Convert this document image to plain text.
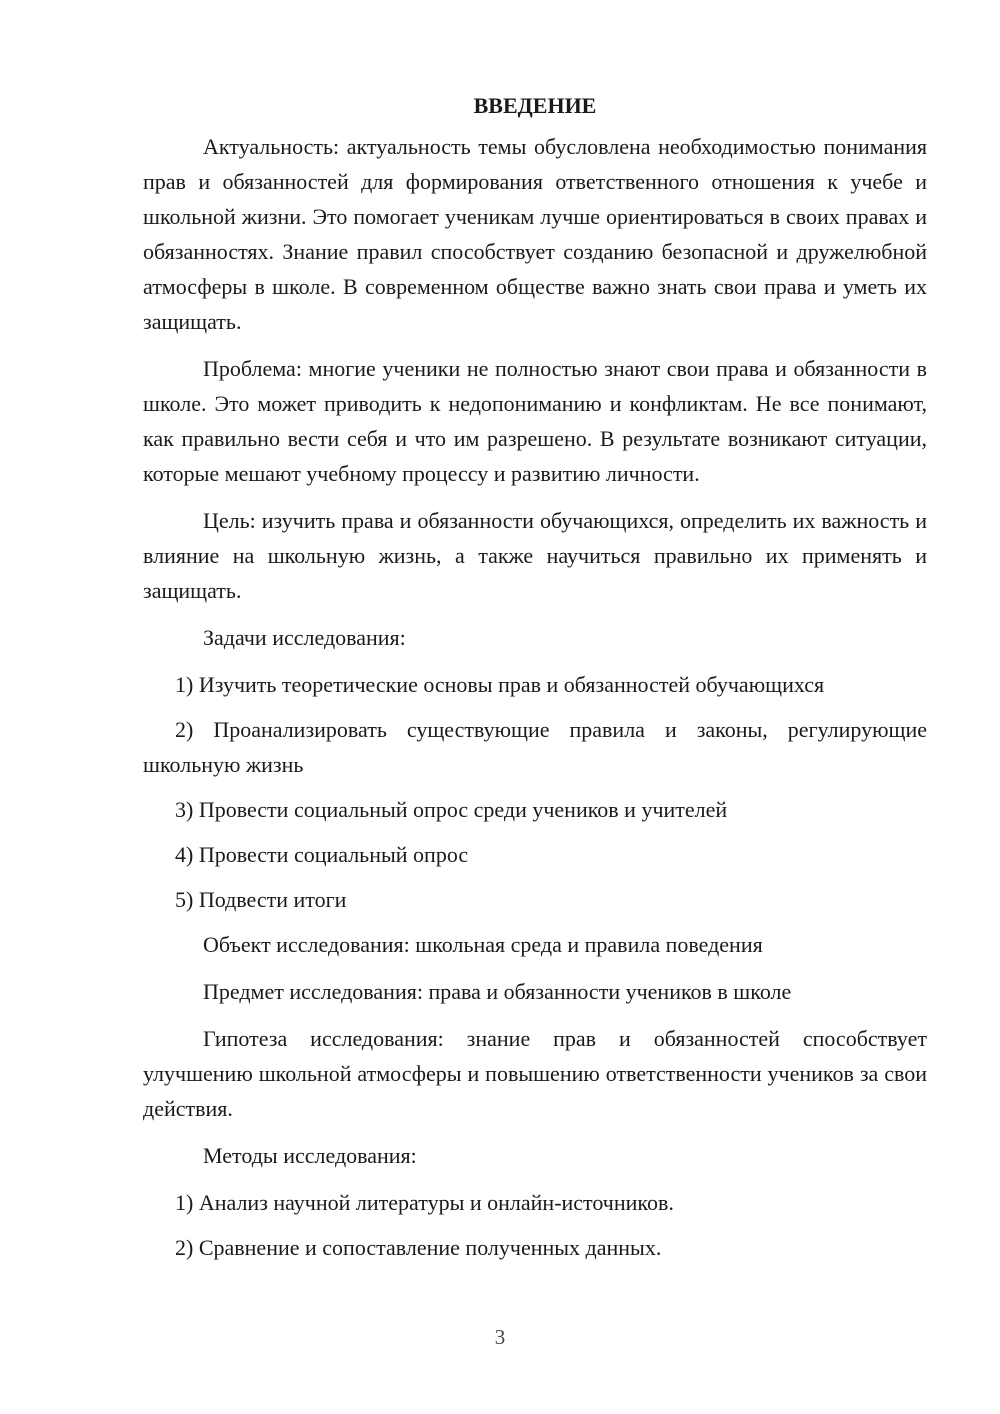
ВВЕДЕНИЕ

Актуальность: актуальность темы обусловлена необходимостью понимания прав и обязанностей для формирования ответственного отношения к учебе и школьной жизни. Это помогает ученикам лучше ориентироваться в своих правах и обязанностях. Знание правил способствует созданию безопасной и дружелюбной атмосферы в школе. В современном обществе важно знать свои права и уметь их защищать.

Проблема: многие ученики не полностью знают свои права и обязанности в школе. Это может приводить к недопониманию и конфликтам. Не все понимают, как правильно вести себя и что им разрешено. В результате возникают ситуации, которые мешают учебному процессу и развитию личности.

Цель: изучить права и обязанности обучающихся, определить их важность и влияние на школьную жизнь, а также научиться правильно их применять и защищать.

Задачи исследования:

1) Изучить теоретические основы прав и обязанностей обучающихся

2) Проанализировать существующие правила и законы, регулирующие школьную жизнь

3) Провести социальный опрос среди учеников и учителей

4) Провести социальный опрос

5) Подвести итоги

Объект исследования: школьная среда и правила поведения

Предмет исследования: права и обязанности учеников в школе

Гипотеза исследования: знание прав и обязанностей способствует улучшению школьной атмосферы и повышению ответственности учеников за свои действия.

Методы исследования:

1) Анализ научной литературы и онлайн-источников.

2) Сравнение и сопоставление полученных данных.

3
